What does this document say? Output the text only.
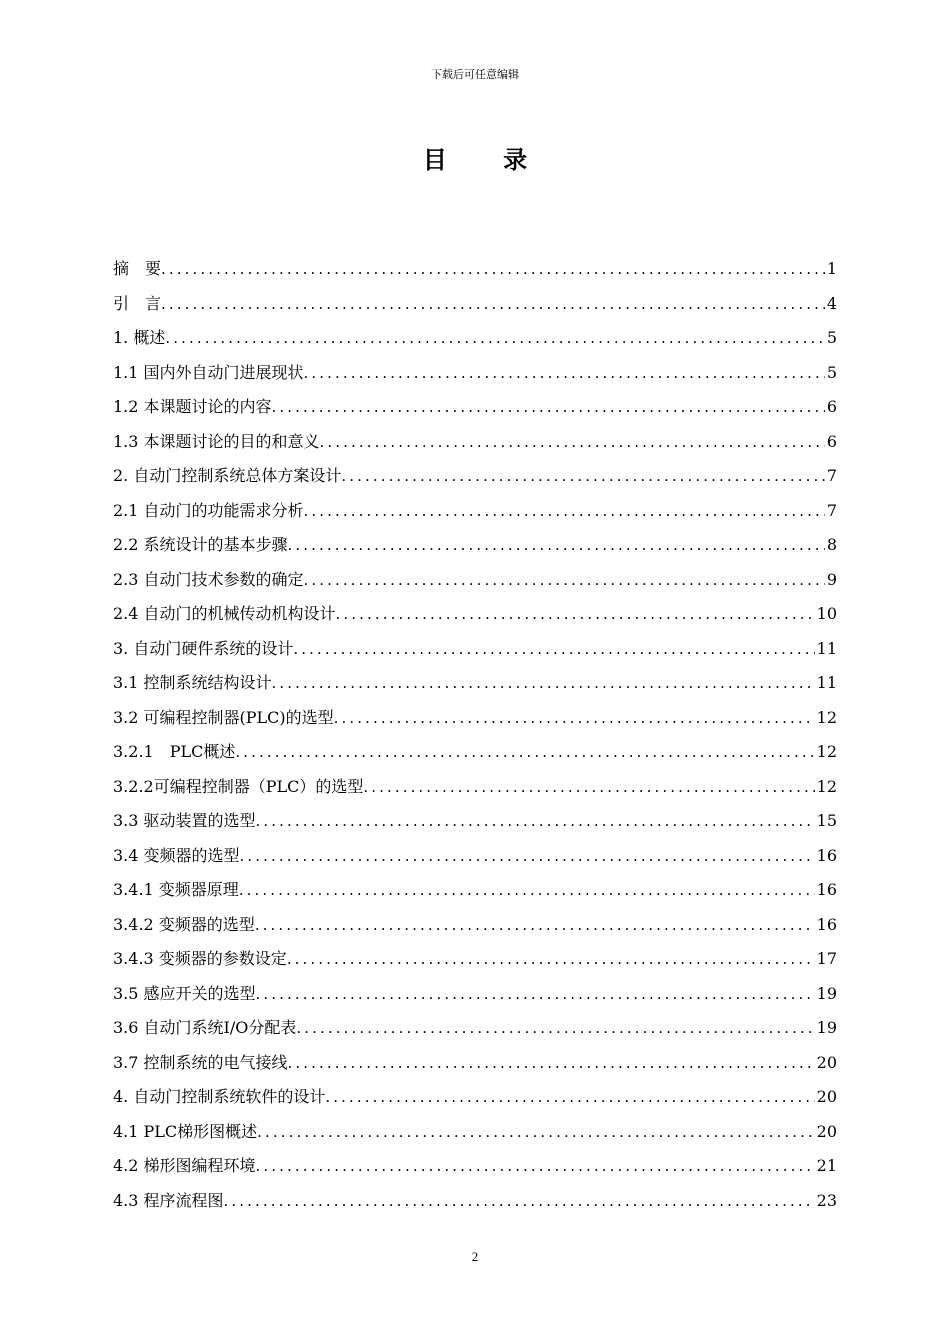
下载后可任意编辑
目 录
摘　要 .....	1
引　言 .....	4
1. 概述 .....	5
1.1 国内外自动门进展现状 .....	5
1.2 本课题讨论的内容 .....	6
1.3 本课题讨论的目的和意义 .....	6
2. 自动门控制系统总体方案设计 .....	7
2.1 自动门的功能需求分析 .....	7
2.2 系统设计的基本步骤 .....	8
2.3 自动门技术参数的确定 .....	9
2.4 自动门的机械传动机构设计 .....	10
3. 自动门硬件系统的设计 .....	11
3.1 控制系统结构设计 .....	11
3.2 可编程控制器(PLC)的选型 .....	12
3.2.1　PLC概述 .....	12
3.2.2可编程控制器（PLC）的选型 .....	12
3.3 驱动装置的选型 .....	15
3.4 变频器的选型 .....	16
3.4.1 变频器原理 .....	16
3.4.2 变频器的选型 .....	16
3.4.3 变频器的参数设定 .....	17
3.5 感应开关的选型 .....	19
3.6 自动门系统I/O分配表 .....	19
3.7 控制系统的电气接线 .....	20
4. 自动门控制系统软件的设计 .....	20
4.1 PLC梯形图概述 .....	20
4.2 梯形图编程环境 .....	21
4.3 程序流程图 .....	23
2
